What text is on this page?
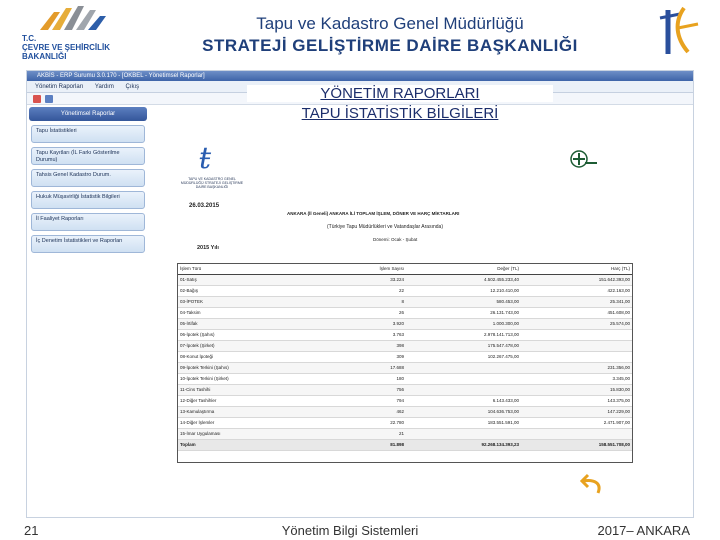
T.C.
ÇEVRE VE ŞEHİRCİLİK
BAKANLIĞI
Tapu ve Kadastro Genel Müdürlüğü
STRATEJİ GELİŞTİRME DAİRE BAŞKANLIĞI
AKBİS - ERP Surumu 3.0.170 - [OKBEL - Yönetimsel Raporlar]
Yönetim Raporları Yardım Çıkış
Yönetimsel Raporlar
Tapu İstatistikleri
Tapu Kayıtları (İL Farkı Gösterilme Durumu)
Tahsis Genel Kadastro Durum.
Hukuk Müşavirliği İstatistik Bilgileri
İl Faaliyet Raporları
İç Denetim İstatistikleri ve Raporları
ŧ
TAPU VE KADASTRO GENEL MÜDÜRLÜĞÜ STRATEJİ GELİŞTİRME DAİRE BAŞKANLIĞI
26.03.2015
ANKARA (İl Geneli) ANKARA İLİ TOPLAM İŞLEM, DÖNER VE HARÇ MİKTARLARI
(Türkiye Tapu Müdürlükleri ve Vatandaşlar Arasında)
Dönemi: Ocak - Şubat
2015 Yılı
İşlem Türü	İşlem Sayısı	Değer (TL)	Harç (TL)
01-Satış	33.224	4.502.455.233,40	151.642.393,00
02-Bağış	22	12.210.410,00	422.163,00
03-İPOTEK	8	580.453,00	25.341,00
04-Taksim	26	26.131.743,00	451.608,00
05-İrtifak	3.920	1.000.300,00	25.574,00
06-İpotek (Şahıs)	3.763	2.978.141.713,00	
07-İpotek (Şirket)	398	175.547.478,00	
08-Konut İpoteği	309	102.267.475,00	
09-İpotek Terkini (Şahıs)	17.688		231.356,00
10-İpotek Terkini (Şirket)	180		3.345,00
11-Cins Tashihi	756		15.830,00
12-Diğer Tashihler	794	6.143.433,00	143.375,00
13-Kamulaştırma	462	104.636.753,00	147.229,00
14-Diğer İşlemler	22.780	183.551.591,00	2.471.907,00
15-İmar Uygulaması	21		
Toplam	81.898	92.268.134.393,23	158.551.708,00
YÖNETİM RAPORLARI
TAPU İSTATİSTİK BİLGİLERİ
21	Yönetim Bilgi Sistemleri	2017– ANKARA
